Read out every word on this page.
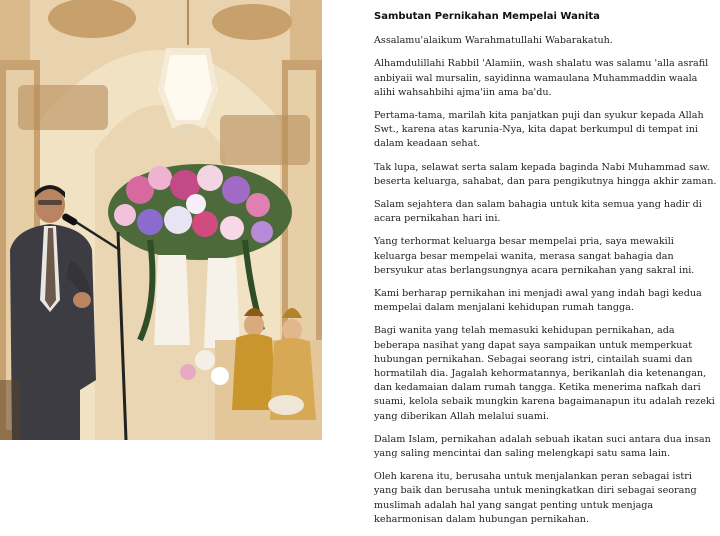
Sambutan Pernikahan Mempelai Wanita

Assalamu'alaikum Warahmatullahi Wabarakatuh.

Alhamdulillahi Rabbil 'Alamiin, wash shalatu was salamu 'alla asrafil anbiyaii wal mursalin, sayidinna wamaulana Muhammaddin waala alihi wahsahbihi ajma'iin ama ba'du.

Pertama-tama, marilah kita panjatkan puji dan syukur kepada Allah Swt., karena atas karunia-Nya, kita dapat berkumpul di tempat ini dalam keadaan sehat.

Tak lupa, selawat serta salam kepada baginda Nabi Muhammad saw. beserta keluarga, sahabat, dan para pengikutnya hingga akhir zaman.

Salam sejahtera dan salam bahagia untuk kita semua yang hadir di acara pernikahan hari ini.

Yang terhormat keluarga besar mempelai pria, saya mewakili keluarga besar mempelai wanita, merasa sangat bahagia dan bersyukur atas berlangsungnya acara pernikahan yang sakral ini.

Kami berharap pernikahan ini menjadi awal yang indah bagi kedua mempelai dalam menjalani kehidupan rumah tangga.

Bagi wanita yang telah memasuki kehidupan pernikahan, ada beberapa nasihat yang dapat saya sampaikan untuk memperkuat hubungan pernikahan. Sebagai seorang istri, cintailah suami dan hormatilah dia. Jagalah kehormatannya, berikanlah dia ketenangan, dan kedamaian dalam rumah tangga. Ketika menerima nafkah dari suami, kelola sebaik mungkin karena bagaimanapun itu adalah rezeki yang diberikan Allah melalui suami.

Dalam Islam, pernikahan adalah sebuah ikatan suci antara dua insan yang saling mencintai dan saling melengkapi satu sama lain.

Oleh karena itu, berusaha untuk menjalankan peran sebagai istri yang baik dan berusaha untuk meningkatkan diri sebagai seorang muslimah adalah hal yang sangat penting untuk menjaga keharmonisan dalam hubungan pernikahan.
